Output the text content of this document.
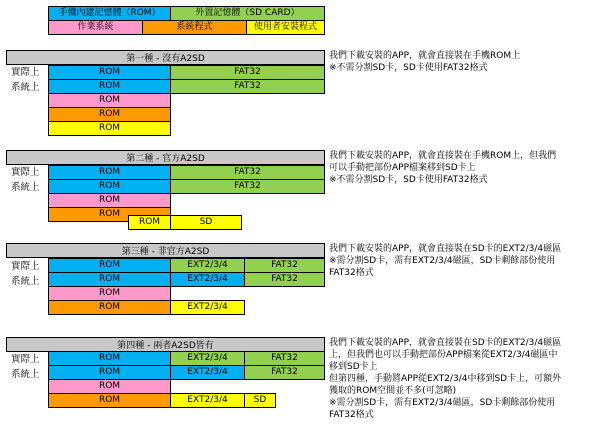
手機內建記憶體（ROM）	外置記憶體（SD CARD）
作業系統	系統程式	使用者安裝程式
第一種 - 沒有A2SD
實際上
系統上
ROM	FAT32
ROM	FAT32
ROM
ROM
ROM
我們下載安裝的APP，就會直接裝在手機ROM上
※不需分割SD卡，SD卡使用FAT32格式
第二種 - 官方A2SD
實際上
系統上
ROM	FAT32
ROM	FAT32
ROM
ROM
ROM	SD
我們下載安裝的APP，就會直接裝在手機ROM上，但我們
可以手動把部份APP檔案移到SD卡上
※不需分割SD卡，SD卡使用FAT32格式
第三種 - 非官方A2SD
實際上
系統上
ROM	EXT2/3/4	FAT32
ROM	EXT2/3/4	FAT32
ROM
ROM	EXT2/3/4
我們下載安裝的APP，就會直接裝在SD卡的EXT2/3/4磁區
※需分割SD卡，需有EXT2/3/4磁區，SD卡剩餘部份使用
FAT32格式
第四種 - 兩者A2SD皆有
實際上
系統上
ROM	EXT2/3/4	FAT32
ROM	EXT2/3/4	FAT32
ROM
ROM	EXT2/3/4	SD
我們下載安裝的APP，就會直接裝在SD卡的EXT2/3/4磁區
上，但我們也可以手動把部份APP檔案從EXT2/3/4磁區中
移到SD卡上
但第四種，手動將APP從EXT2/3/4中移到SD卡上，可額外
獲取的ROM空間並不多(可忽略)
※需分割SD卡，需有EXT2/3/4磁區，SD卡剩餘部份使用
FAT32格式
